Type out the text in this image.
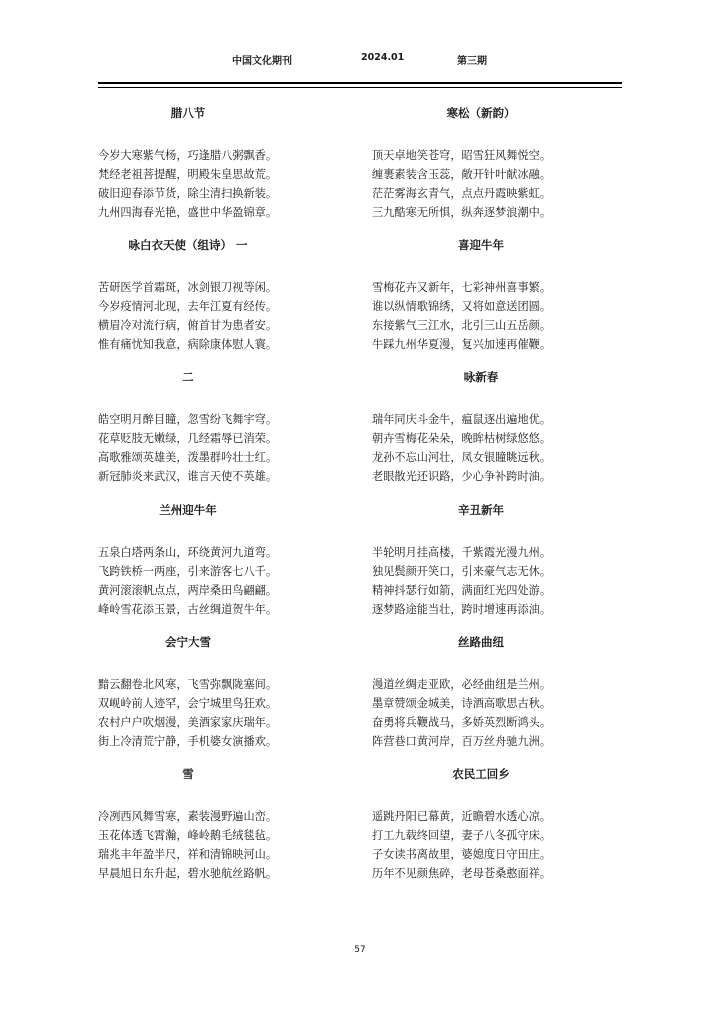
中国文化期刊	2024.01	第三期
腊八节
今岁大寒紫气杨，巧逢腊八粥飘香。
梵经老祖菩提醒，明殿朱皇思故荒。
破旧迎春添节货，除尘清扫换新装。
九州四海春光艳，盛世中华盈锦章。
咏白衣天使（组诗） 一
苦研医学首霜斑，冰剑银刀视等闲。
今岁疫情河北现，去年江夏有经传。
横眉冷对流行病，俯首甘为患者安。
惟有痛忧知我意，病除康体慰人寰。
二
皓空明月醉目瞳，忽雪纷飞舞宇穹。
花草贬肢无嫩绿，几经霜辱已消荣。
高歌雅颂英雄美，泼墨群吟壮士红。
新冠肺炎来武汉，谁言天使不英雄。
兰州迎牛年
五泉白塔两条山，环绕黄河九道弯。
飞跨铁桥一两座，引来游客七八千。
黄河滚滚帆点点，两岸桑田鸟翩翩。
峰岭雪花添玉景，古丝绸道贺牛年。
会宁大雪
黯云翻卷北风寒，飞雪弥飘陇塞间。
双岘岭前人迹罕，会宁城里鸟狂欢。
农村户户吹烟漫，美酒家家庆瑞年。
街上冷清荒宁静，手机婆女演播欢。
雪
冷冽西风舞雪寒，素装漫野遍山峦。
玉花体透飞霄瀚，峰岭鹅毛绒毯毡。
瑞兆丰年盈半尺，祥和清锦映河山。
早晨旭日东升起，碧水驰航丝路帆。
寒松（新韵）
顶天卓地笑苍穹，昭雪狂风舞悦空。
缠裹素装含玉蕊，敞开针叶献冰融。
茫茫雾海玄青气，点点丹霞映紫虹。
三九酷寒无所惧，纵奔逐梦浪潮中。
喜迎牛年
雪梅花卉又新年，七彩神州喜事繁。
谁以纵情歌锦绣，又将如意送团圆。
东接紫气三江水，北引三山五岳颜。
牛踩九州华夏漫，复兴加速再催鞭。
咏新春
瑞年同庆斗金牛，瘟鼠逐出遍地优。
朝卉雪梅花朵朵，晚眸枯树绿悠悠。
龙孙不忘山河壮，凤女银瞳眺远秋。
老眼散光还识路，少心争补跨时油。
辛丑新年
半轮明月挂高楼，千紫霞光漫九州。
独见鬓颜开笑口，引来豪气志无休。
精神抖瑟行如箭，满面红光四处游。
逐梦路途能当壮，跨时增速再添油。
丝路曲纽
漫道丝绸走亚欧，必经曲纽是兰州。
墨章赞颂金城美，诗酒高歌思古秋。
奋勇将兵鞭战马，多娇英烈断鸿头。
阵营巷口黄河岸，百万丝舟驰九洲。
农民工回乡
遥跳丹阳已幕黄，近瞻碧水透心凉。
打工九载终回望，妻子八冬孤守床。
子女读书离故里，婆媳度日守田庄。
历年不见颜焦碎，老母苍桑憨面祥。
57
